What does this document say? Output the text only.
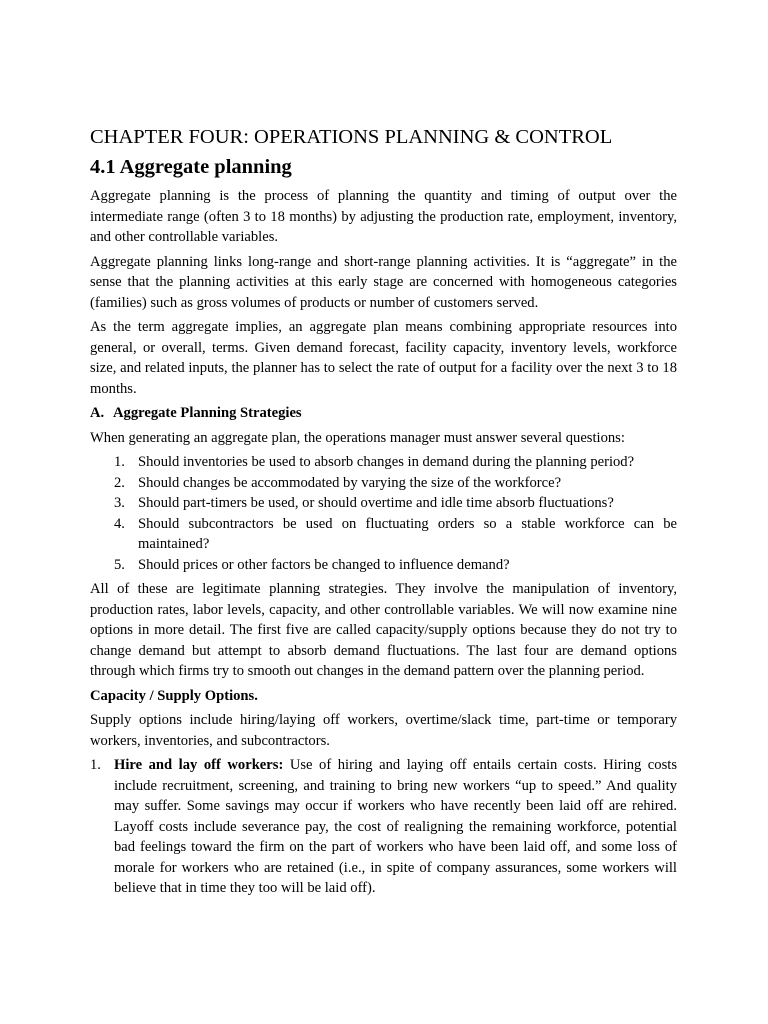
CHAPTER FOUR: OPERATIONS PLANNING & CONTROL
4.1 Aggregate planning

Aggregate planning is the process of planning the quantity and timing of output over the intermediate range (often 3 to 18 months) by adjusting the production rate, employment, inventory, and other controllable variables.

Aggregate planning links long-range and short-range planning activities. It is “aggregate” in the sense that the planning activities at this early stage are concerned with homogeneous categories (families) such as gross volumes of products or number of customers served.

As the term aggregate implies, an aggregate plan means combining appropriate resources into general, or overall, terms. Given demand forecast, facility capacity, inventory levels, workforce size, and related inputs, the planner has to select the rate of output for a facility over the next 3 to 18 months.

A. Aggregate Planning Strategies

When generating an aggregate plan, the operations manager must answer several questions:

1. Should inventories be used to absorb changes in demand during the planning period?
2. Should changes be accommodated by varying the size of the workforce?
3. Should part-timers be used, or should overtime and idle time absorb fluctuations?
4. Should subcontractors be used on fluctuating orders so a stable workforce can be maintained?
5. Should prices or other factors be changed to influence demand?

All of these are legitimate planning strategies. They involve the manipulation of inventory, production rates, labor levels, capacity, and other controllable variables. We will now examine nine options in more detail. The first five are called capacity/supply options because they do not try to change demand but attempt to absorb demand fluctuations. The last four are demand options through which firms try to smooth out changes in the demand pattern over the planning period.

Capacity / Supply Options.

Supply options include hiring/laying off workers, overtime/slack time, part-time or temporary workers, inventories, and subcontractors.

1. Hire and lay off workers: Use of hiring and laying off entails certain costs. Hiring costs include recruitment, screening, and training to bring new workers “up to speed.” And quality may suffer. Some savings may occur if workers who have recently been laid off are rehired. Layoff costs include severance pay, the cost of realigning the remaining workforce, potential bad feelings toward the firm on the part of workers who have been laid off, and some loss of morale for workers who are retained (i.e., in spite of company assurances, some workers will believe that in time they too will be laid off).
